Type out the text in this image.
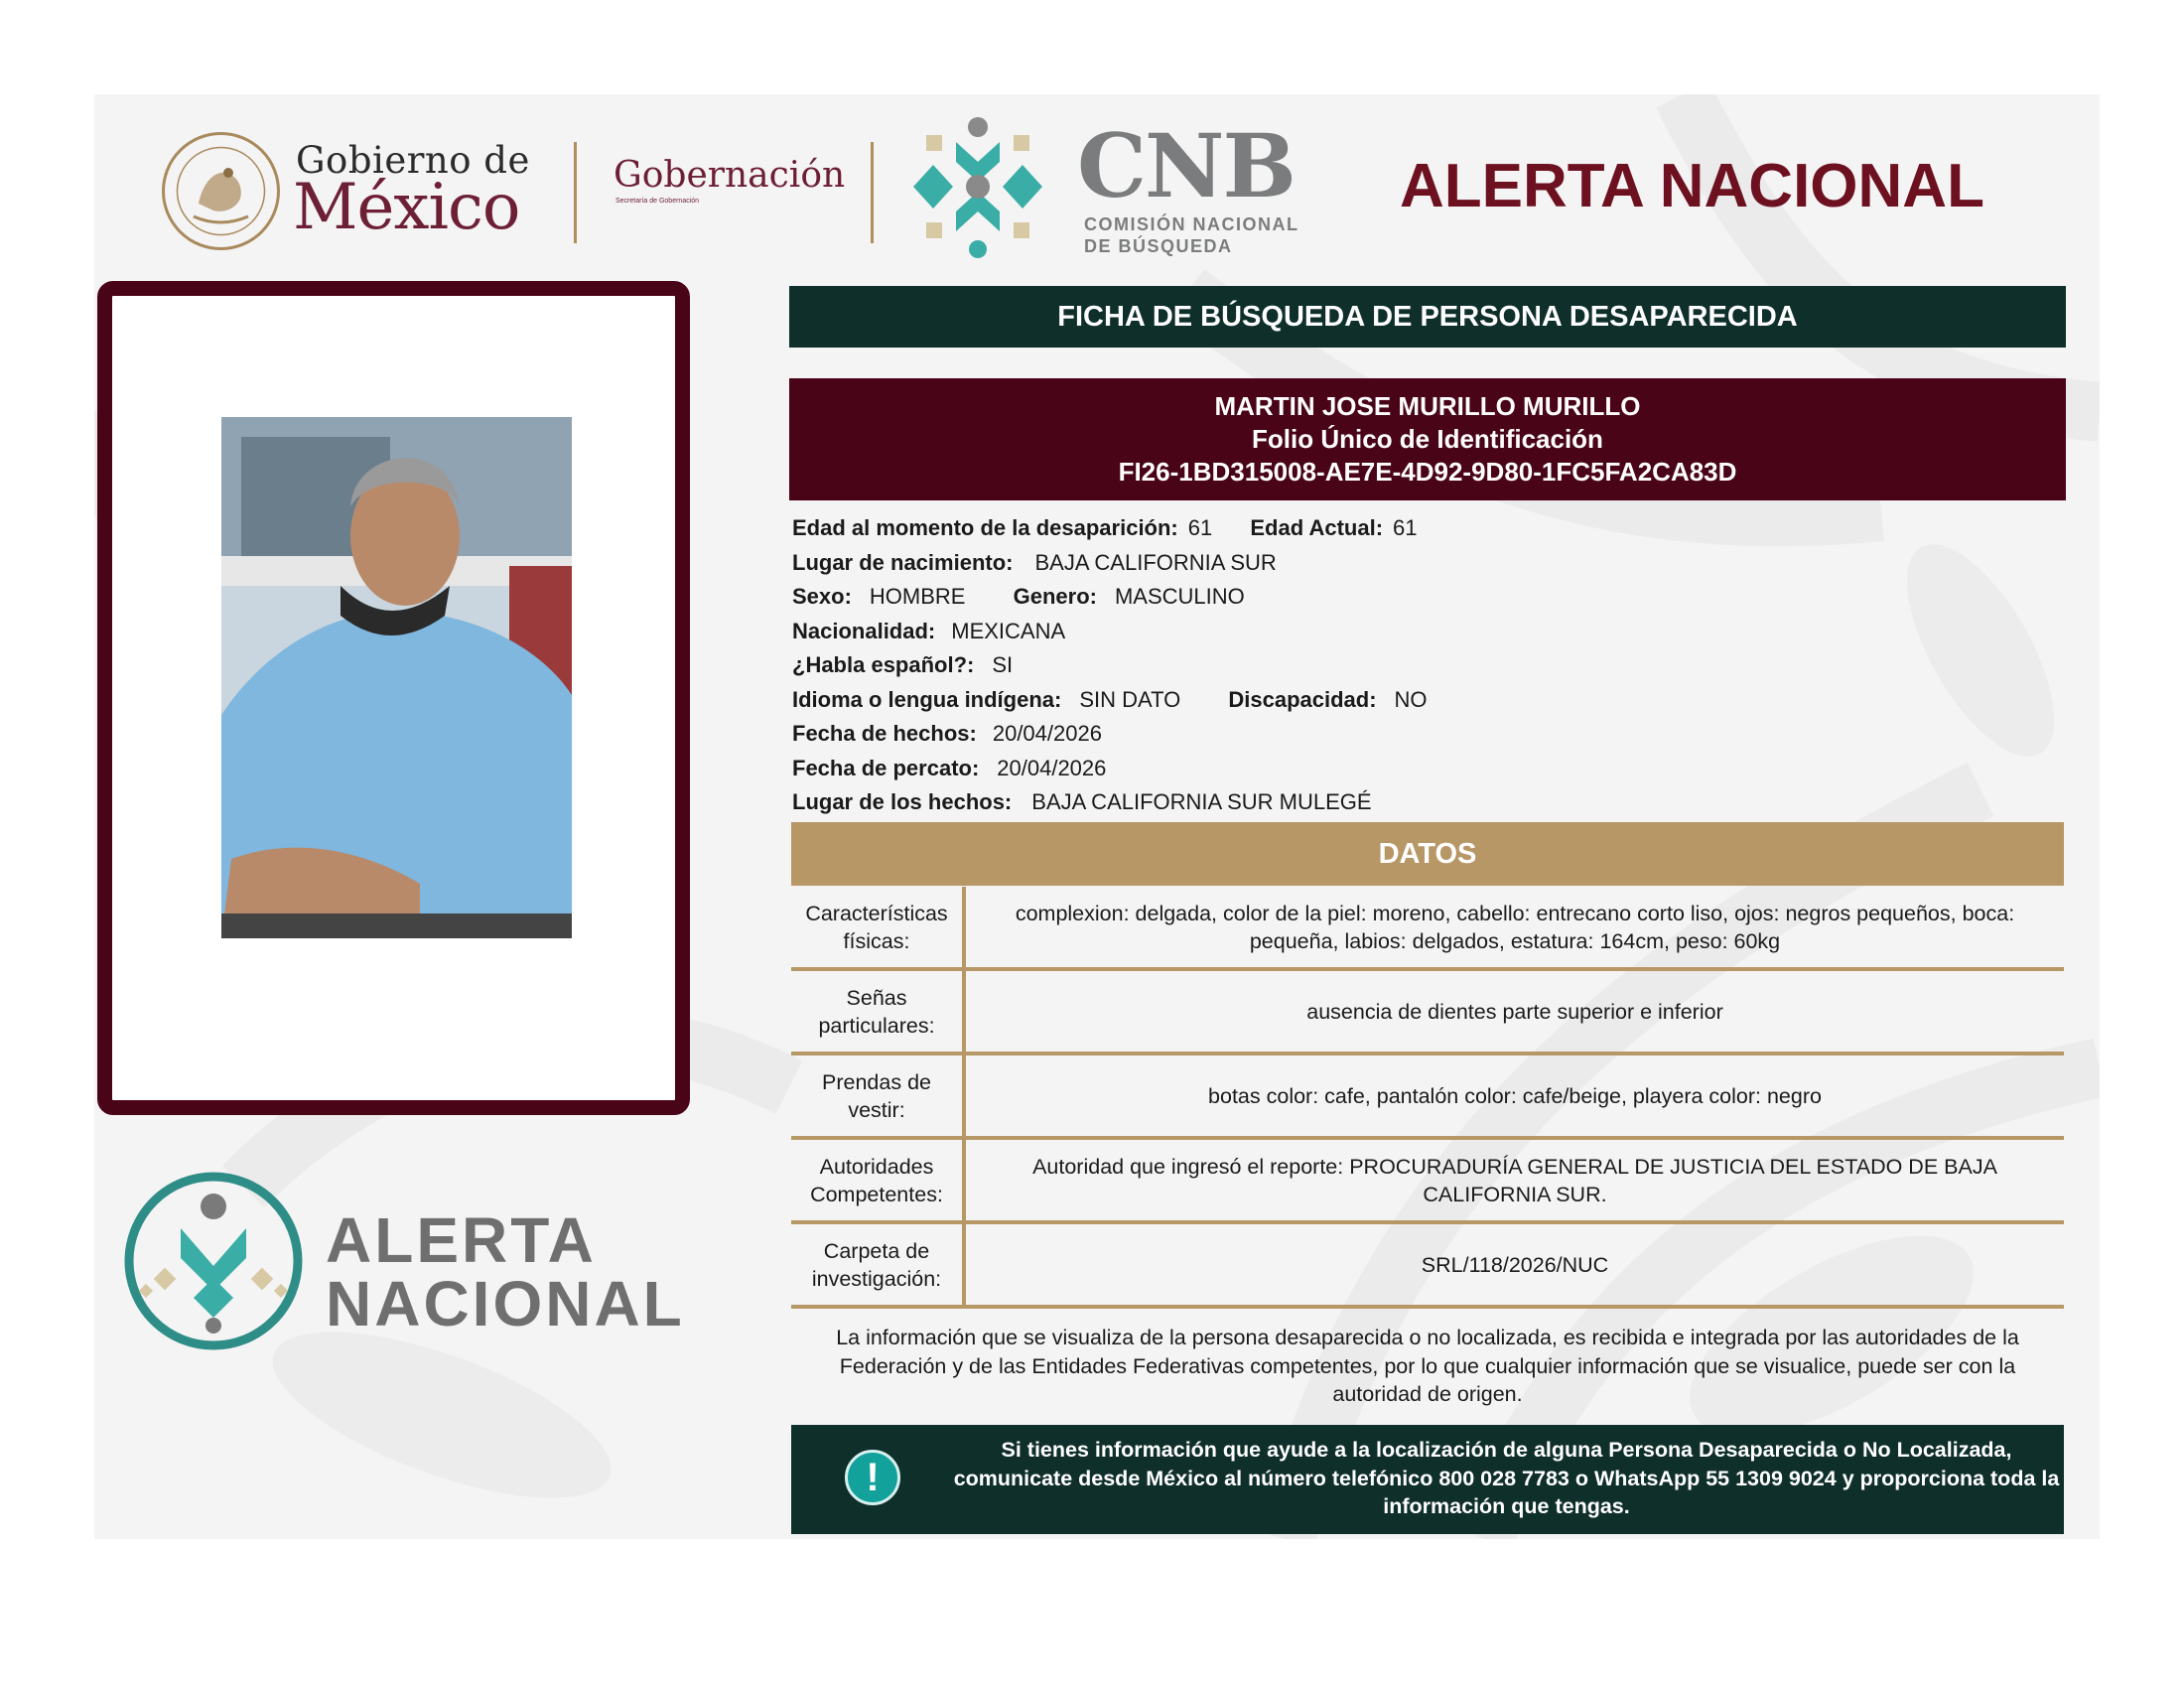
Gobierno de
México	Gobernación
Secretaría de Gobernación	CNB
COMISIÓN NACIONAL
DE BÚSQUEDA
ALERTA NACIONAL
ALERTA
NACIONAL
FICHA DE BÚSQUEDA DE PERSONA DESAPARECIDA
MARTIN JOSE MURILLO MURILLO
Folio Único de Identificación
FI26-1BD315008-AE7E-4D92-9D80-1FC5FA2CA83D
Edad al momento de la desaparición: 61 Edad Actual: 61
Lugar de nacimiento: BAJA CALIFORNIA SUR
Sexo: HOMBRE Genero: MASCULINO
Nacionalidad: MEXICANA
¿Habla español?: SI
Idioma o lengua indígena: SIN DATO Discapacidad: NO
Fecha de hechos: 20/04/2026
Fecha de percato: 20/04/2026
Lugar de los hechos: BAJA CALIFORNIA SUR MULEGÉ
DATOS
Características
físicas:	complexion: delgada, color de la piel: moreno, cabello: entrecano corto liso, ojos: negros pequeños, boca: pequeña, labios: delgados, estatura: 164cm, peso: 60kg
Señas
particulares:	ausencia de dientes parte superior e inferior
Prendas de
vestir:	botas color: cafe, pantalón color: cafe/beige, playera color: negro
Autoridades
Competentes:	Autoridad que ingresó el reporte: PROCURADURÍA GENERAL DE JUSTICIA DEL ESTADO DE BAJA CALIFORNIA SUR.
Carpeta de
investigación:	SRL/118/2026/NUC
La información que se visualiza de la persona desaparecida o no localizada, es recibida e integrada por las autoridades de la Federación y de las Entidades Federativas competentes, por lo que cualquier información que se visualice, puede ser con la autoridad de origen.
!
Si tienes información que ayude a la localización de alguna Persona Desaparecida o No Localizada, comunicate desde México al número telefónico 800 028 7783 o WhatsApp 55 1309 9024 y proporciona toda la información que tengas.
